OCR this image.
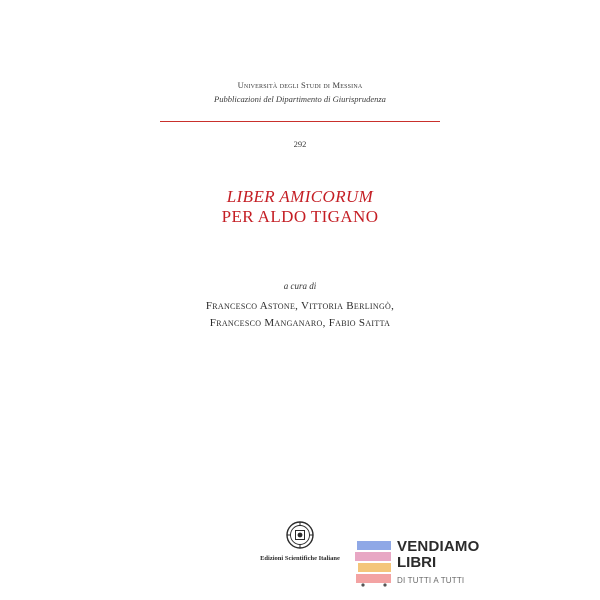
Università degli Studi di Messina
Pubblicazioni del Dipartimento di Giurisprudenza
292
LIBER AMICORUM
PER ALDO TIGANO
a cura di
Francesco Astone, Vittoria Berlingò,
Francesco Manganaro, Fabio Saitta
Edizioni Scientifiche Italiane
VENDIAMO
LIBRI
DI TUTTI A TUTTI
